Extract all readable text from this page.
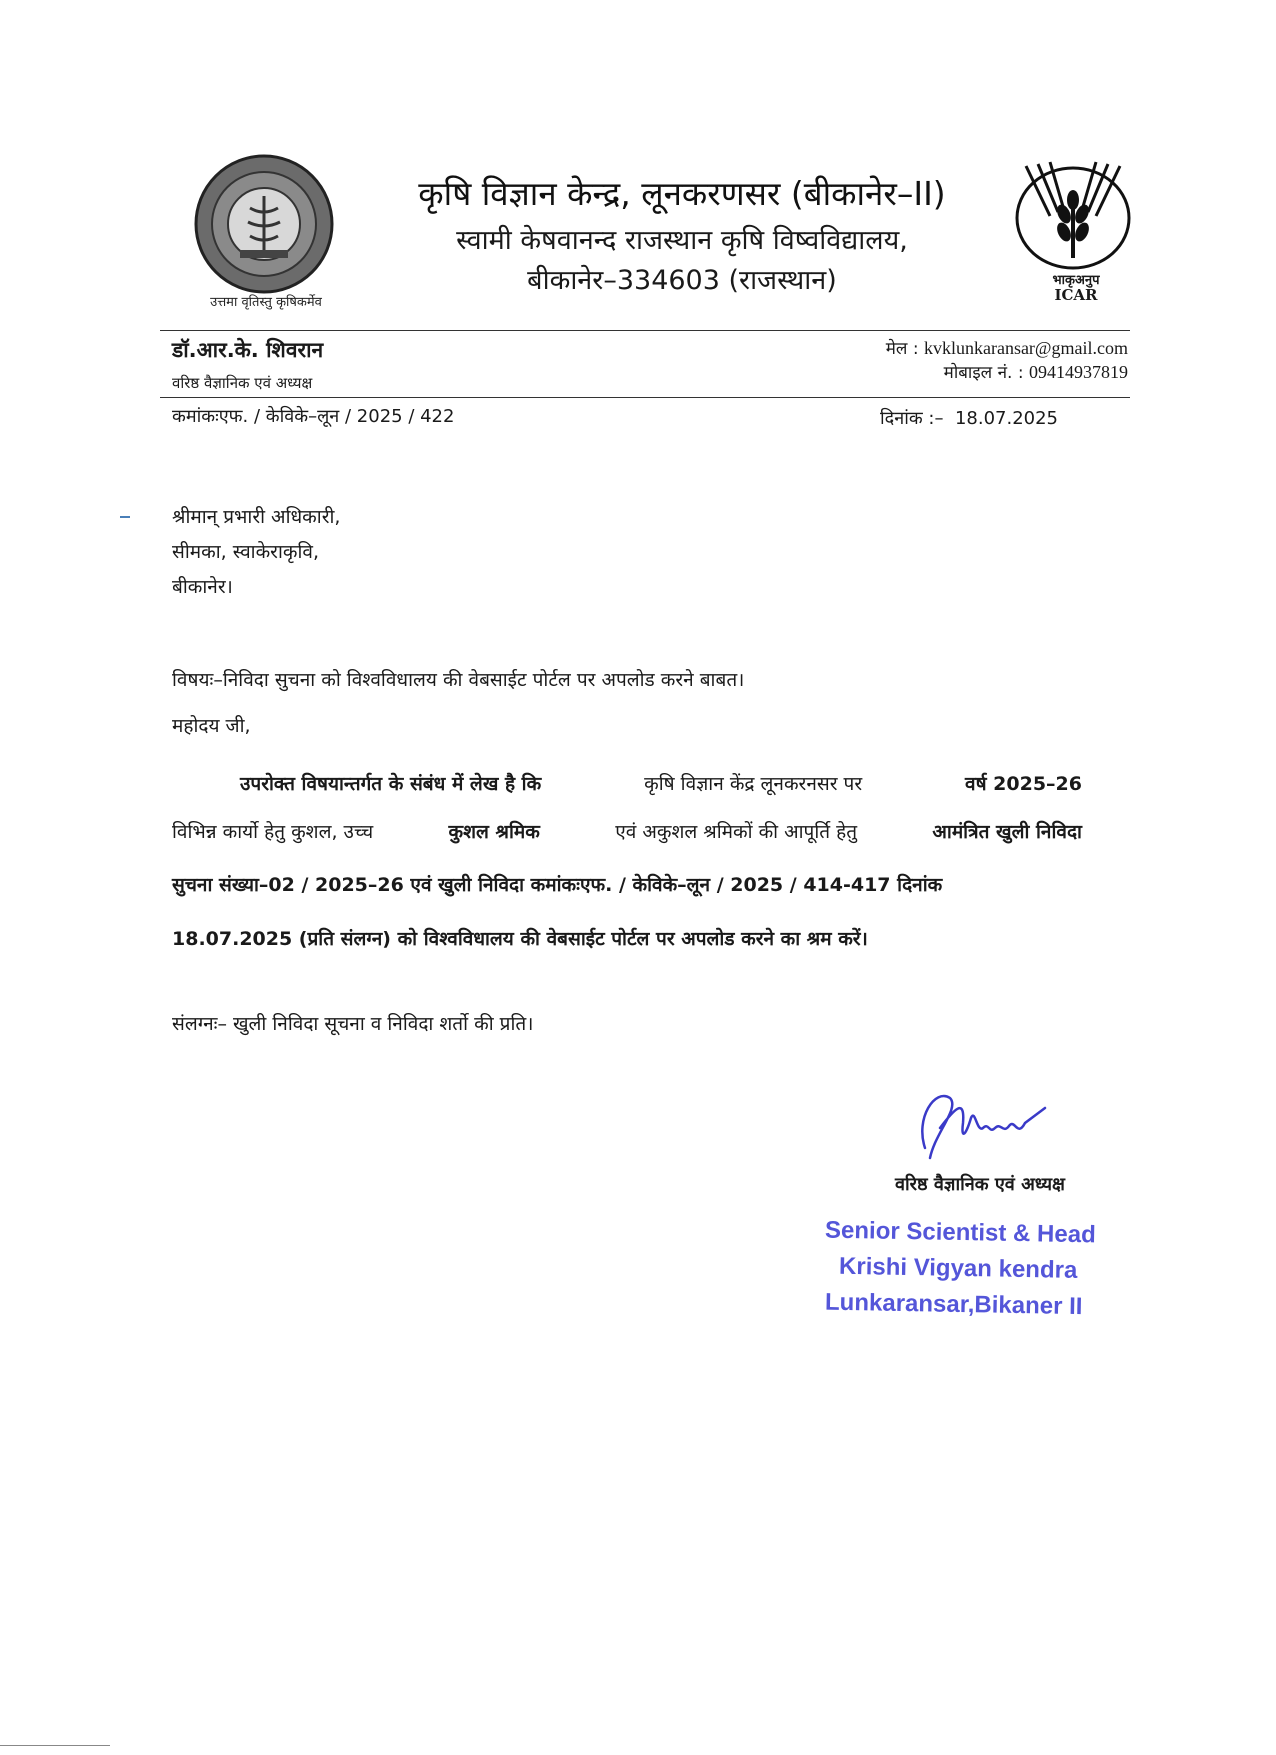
उत्तमा वृतिस्तु कृषिकर्मेव
कृषि विज्ञान केन्द्र, लूनकरणसर (बीकानेर–II)
स्वामी केषवानन्द राजस्थान कृषि विष्वविद्यालय,
बीकानेर–334603 (राजस्थान)	भाकृअनुप
ICAR
डॉ.आर.के. शिवरान
वरिष्ठ वैज्ञानिक एवं अध्यक्ष
मेल : kvklunkaransar@gmail.com
मोबाइल नं. : 09414937819
कमांकःएफ. / केविके–लून / 2025 / 422	दिनांक :– 18.07.2025
श्रीमान् प्रभारी अधिकारी,
सीमका, स्वाकेराकृवि,
बीकानेर।
विषयः–निविदा सुचना को विश्वविधालय की वेबसाईट पोर्टल पर अपलोड करने बाबत।
महोदय जी,
उपरोक्त विषयान्तर्गत के संबंध में लेख है कि	कृषि विज्ञान केंद्र लूनकरनसर पर	वर्ष 2025–26
विभिन्न कार्यो हेतु कुशल, उच्च	कुशल श्रमिक	एवं अकुशल श्रमिकों की आपूर्ति हेतु	आमंत्रित खुली निविदा
सुचना संख्या–02 / 2025–26 एवं खुली निविदा कमांकःएफ. / केविके–लून / 2025 / 414-417 दिनांक
18.07.2025 (प्रति संलग्न) को विश्वविधालय की वेबसाईट पोर्टल पर अपलोड करने का श्रम करें।
संलग्नः– खुली निविदा सूचना व निविदा शर्तो की प्रति।
वरिष्ठ वैज्ञानिक एवं अध्यक्ष
Senior Scientist & Head
Krishi Vigyan kendra
Lunkaransar,Bikaner II
